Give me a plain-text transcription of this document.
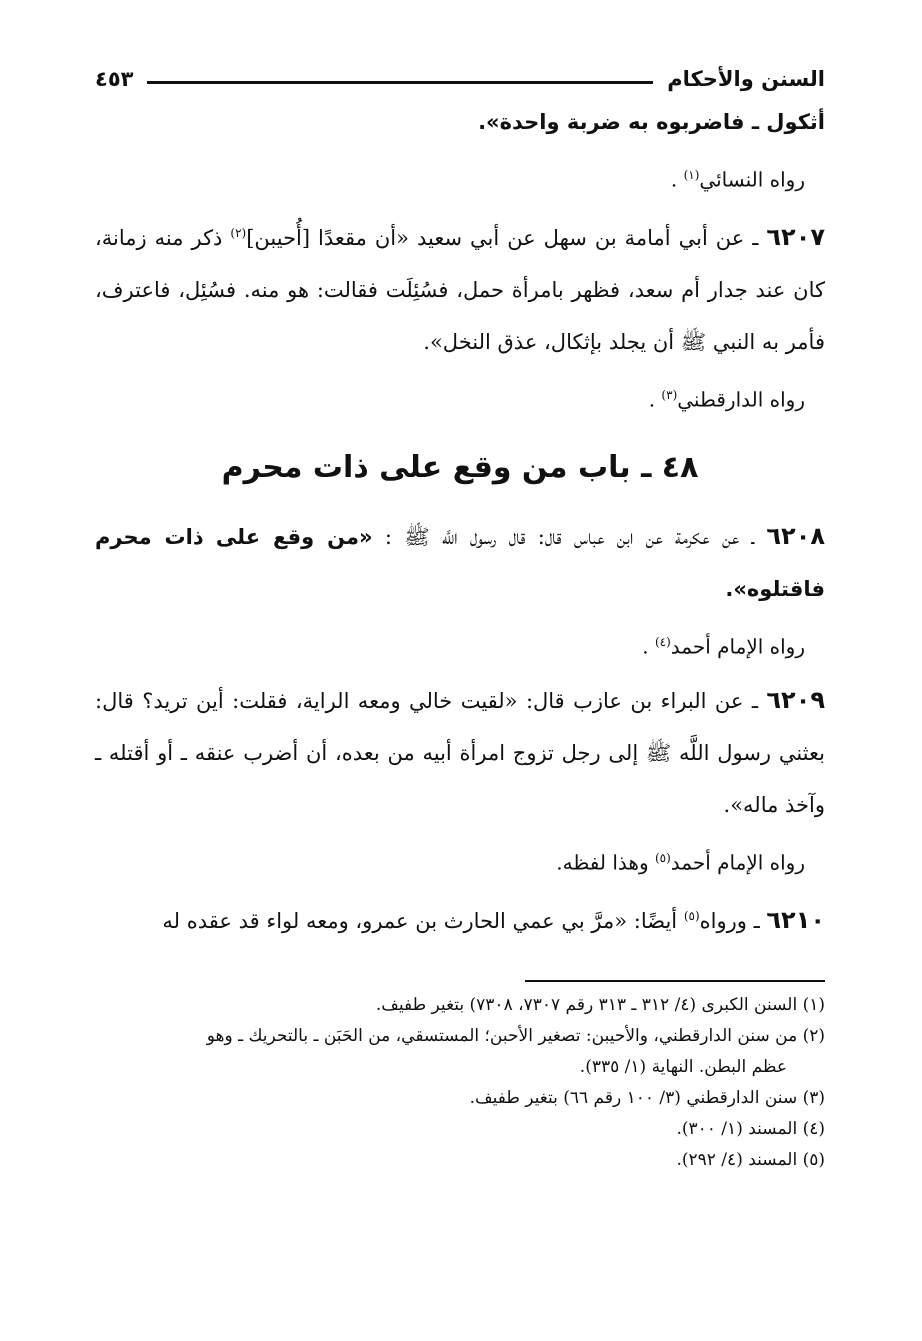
السنن والأحكام
٤٥٣

أثكول ـ فاضربوه به ضربة واحدة».

رواه النسائي$^{(١)}$ .

٦٢٠٧ ـ عن أبي أمامة بن سهل عن أبي سعيد «أن مقعدًا [أُحيبن]$^{(٢)}$ ذكر منه زمانة، كان عند جدار أم سعد، فظهر بامرأة حمل، فسُئِلَت فقالت: هو منه. فسُئِل، فاعترف، فأمر به النبي ﷺ أن يجلد بإثكال، عذق النخل».

رواه الدارقطني$^{(٣)}$ .

٤٨ ـ باب من وقع على ذات محرم

٦٢٠٨ ـ عن عكرمة عن ابن عباس قال: قال رسول اللَّه ﷺ : «من وقع على ذات محرم فاقتلوه».

رواه الإمام أحمد$^{(٤)}$ .

٦٢٠٩ ـ عن البراء بن عازب قال: «لقيت خالي ومعه الراية، فقلت: أين تريد؟ قال: بعثني رسول اللَّه ﷺ إلى رجل تزوج امرأة أبيه من بعده، أن أضرب عنقه ـ أو أقتله ـ وآخذ ماله».

رواه الإمام أحمد$^{(٥)}$ وهذا لفظه.

٦٢١٠ ـ ورواه$^{(٥)}$ أيضًا: «مرَّ بي عمي الحارث بن عمرو، ومعه لواء قد عقده له

(١) السنن الكبرى (٤/ ٣١٢ ـ ٣١٣ رقم ٧٣٠٧، ٧٣٠٨) بتغير طفيف.

(٢) من سنن الدارقطني، والأحيبن: تصغير الأحبن؛ المستسقي، من الحَبَن ـ بالتحريك ـ وهو

عظم البطن. النهاية (١/ ٣٣٥).

(٣) سنن الدارقطني (٣/ ١٠٠ رقم ٦٦) بتغير طفيف.

(٤) المسند (١/ ٣٠٠).

(٥) المسند (٤/ ٢٩٢).
